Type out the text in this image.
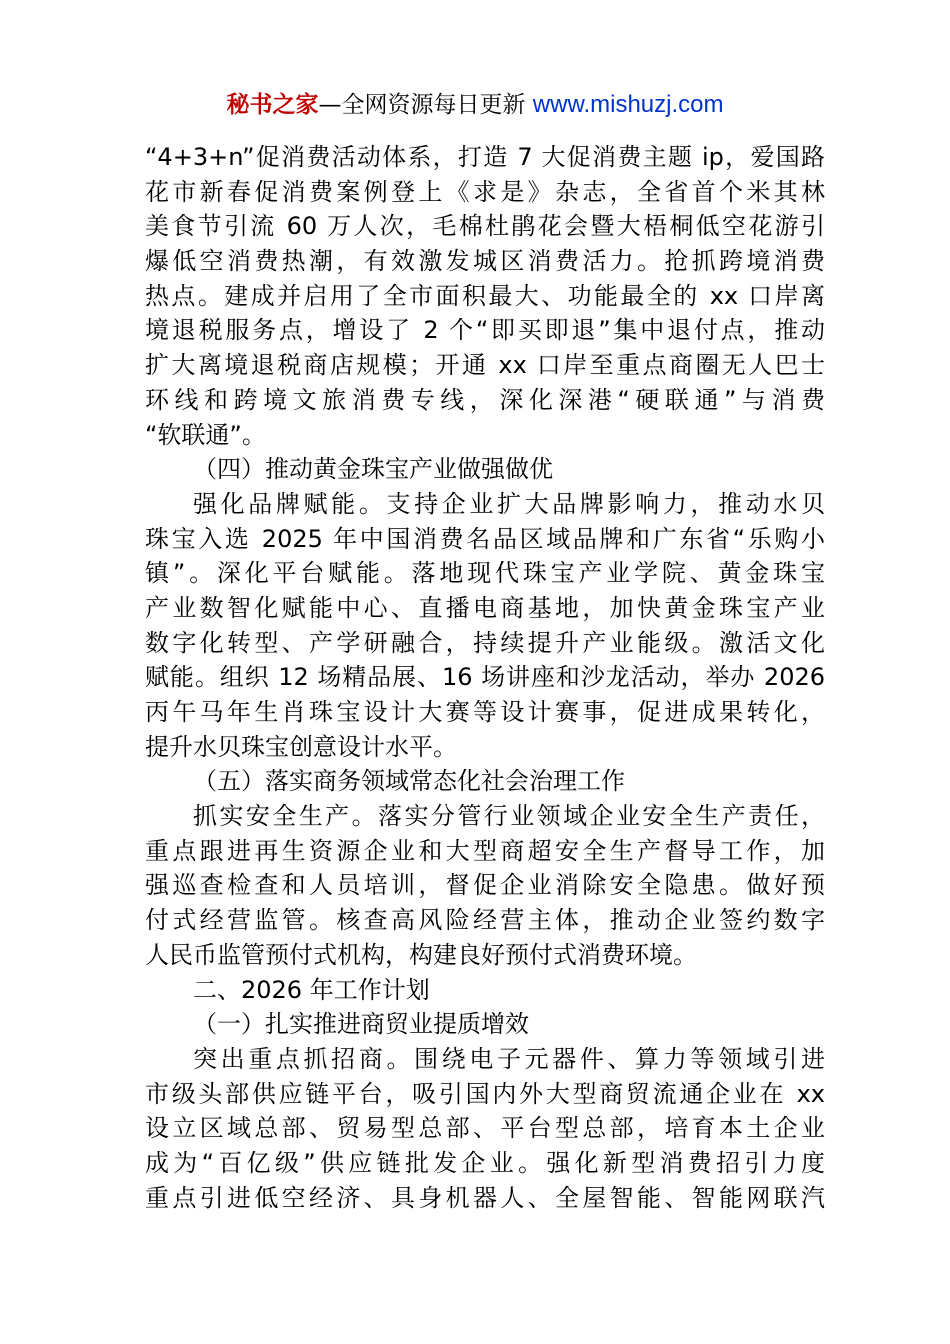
秘书之家—全网资源每日更新 www.mishuzj.com
“4+3+n”促消费活动体系，打造 7 大促消费主题 ip，爱国路
花市新春促消费案例登上《求是》杂志，全省首个米其林
美食节引流 60 万人次，毛棉杜鹃花会暨大梧桐低空花游引
爆低空消费热潮，有效激发城区消费活力。抢抓跨境消费
热点。建成并启用了全市面积最大、功能最全的 xx 口岸离
境退税服务点，增设了 2 个“即买即退”集中退付点，推动
扩大离境退税商店规模；开通 xx 口岸至重点商圈无人巴士
环线和跨境文旅消费专线，深化深港“硬联通”与消费
“软联通”。
（四）推动黄金珠宝产业做强做优
强化品牌赋能。支持企业扩大品牌影响力，推动水贝
珠宝入选 2025 年中国消费名品区域品牌和广东省“乐购小
镇”。深化平台赋能。落地现代珠宝产业学院、黄金珠宝
产业数智化赋能中心、直播电商基地，加快黄金珠宝产业
数字化转型、产学研融合，持续提升产业能级。激活文化
赋能。组织 12 场精品展、16 场讲座和沙龙活动，举办 2026
丙午马年生肖珠宝设计大赛等设计赛事，促进成果转化，
提升水贝珠宝创意设计水平。
（五）落实商务领域常态化社会治理工作
抓实安全生产。落实分管行业领域企业安全生产责任，
重点跟进再生资源企业和大型商超安全生产督导工作，加
强巡查检查和人员培训，督促企业消除安全隐患。做好预
付式经营监管。核查高风险经营主体，推动企业签约数字
人民币监管预付式机构，构建良好预付式消费环境。
二、2026 年工作计划
（一）扎实推进商贸业提质增效
突出重点抓招商。围绕电子元器件、算力等领域引进
市级头部供应链平台，吸引国内外大型商贸流通企业在 xx
设立区域总部、贸易型总部、平台型总部，培育本土企业
成为“百亿级”供应链批发企业。强化新型消费招引力度
重点引进低空经济、具身机器人、全屋智能、智能网联汽
